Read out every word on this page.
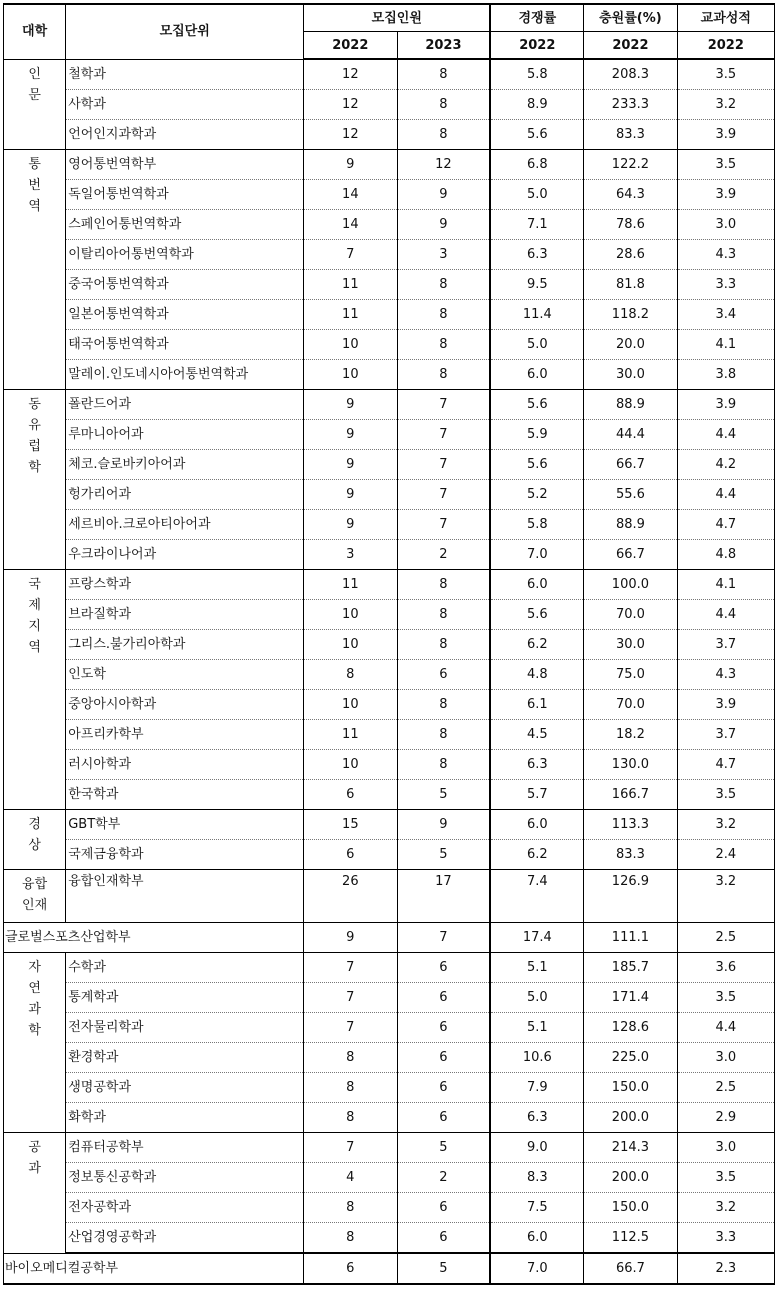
대학	모집단위	모집인원		경쟁률	충원률(%)	교과성적
		2022	2023	2022	2022	2022

인
문	철학과	12	8	5.8	208.3	3.5
	사학과	12	8	8.9	233.3	3.2
	언어인지과학과	12	8	5.6	83.3	3.9

통
번
역	영어통번역학부	9	12	6.8	122.2	3.5
	독일어통번역학과	14	9	5.0	64.3	3.9
	스페인어통번역학과	14	9	7.1	78.6	3.0
	이탈리아어통번역학과	7	3	6.3	28.6	4.3
	중국어통번역학과	11	8	9.5	81.8	3.3
	일본어통번역학과	11	8	11.4	118.2	3.4
	태국어통번역학과	10	8	5.0	20.0	4.1
	말레이.인도네시아어통번역학과	10	8	6.0	30.0	3.8

동
유
럽
학	폴란드어과	9	7	5.6	88.9	3.9
	루마니아어과	9	7	5.9	44.4	4.4
	체코.슬로바키아어과	9	7	5.6	66.7	4.2
	헝가리어과	9	7	5.2	55.6	4.4
	세르비아.크로아티아어과	9	7	5.8	88.9	4.7
	우크라이나어과	3	2	7.0	66.7	4.8

국
제
지
역	프랑스학과	11	8	6.0	100.0	4.1
	브라질학과	10	8	5.6	70.0	4.4
	그리스.불가리아학과	10	8	6.2	30.0	3.7
	인도학	8	6	4.8	75.0	4.3
	중앙아시아학과	10	8	6.1	70.0	3.9
	아프리카학부	11	8	4.5	18.2	3.7
	러시아학과	10	8	6.3	130.0	4.7
	한국학과	6	5	5.7	166.7	3.5

경
상	GBT학부	15	9	6.0	113.3	3.2
	국제금융학과	6	5	6.2	83.3	2.4

융합
인재	융합인재학부	26	17	7.4	126.9	3.2
글로벌스포츠산업학부		9	7	17.4	111.1	2.5

자
연
과
학	수학과	7	6	5.1	185.7	3.6
	통계학과	7	6	5.0	171.4	3.5
	전자물리학과	7	6	5.1	128.6	4.4
	환경학과	8	6	10.6	225.0	3.0
	생명공학과	8	6	7.9	150.0	2.5
	화학과	8	6	6.3	200.0	2.9

공
과	컴퓨터공학부	7	5	9.0	214.3	3.0
	정보통신공학과	4	2	8.3	200.0	3.5
	전자공학과	8	6	7.5	150.0	3.2
	산업경영공학과	8	6	6.0	112.5	3.3
바이오메디컬공학부		6	5	7.0	66.7	2.3
